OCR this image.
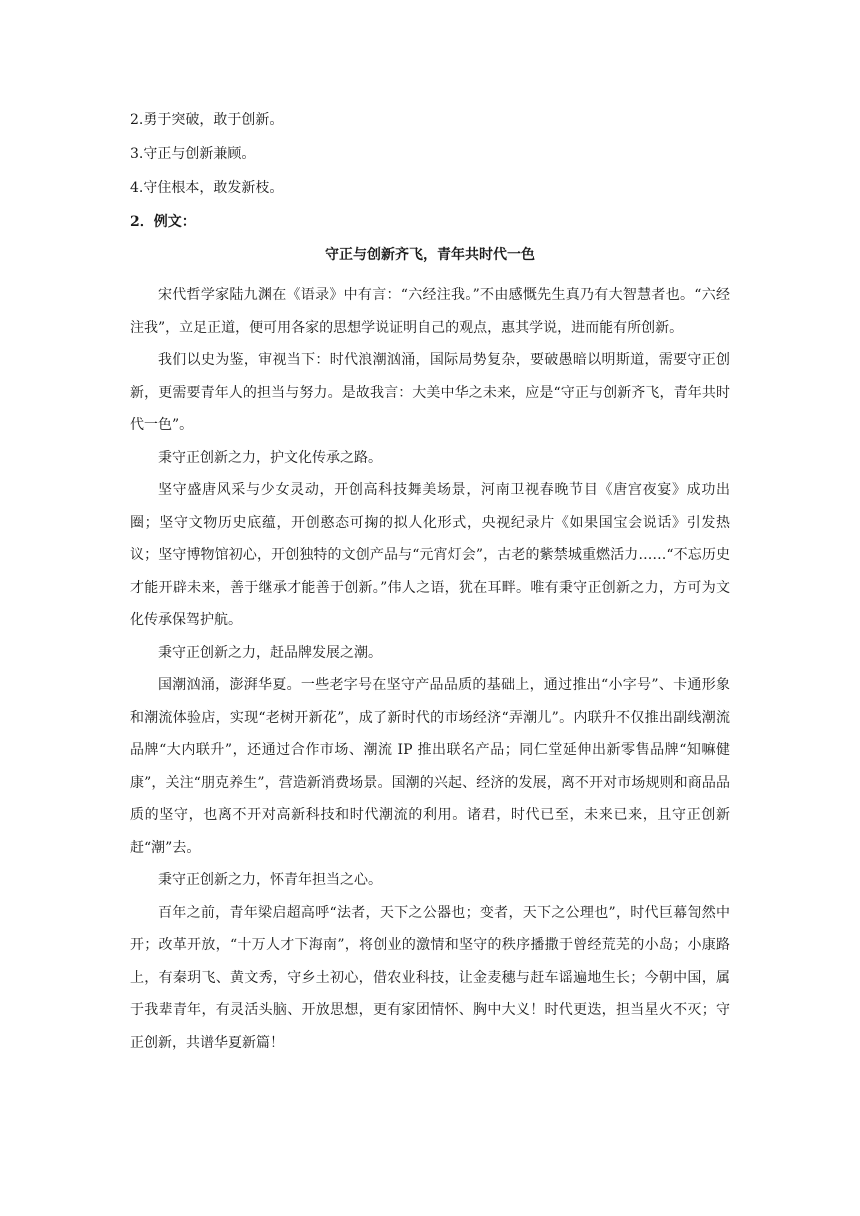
2.勇于突破，敢于创新。

3.守正与创新兼顾。

4.守住根本，敢发新枝。

2．例文：

守正与创新齐飞，青年共时代一色

宋代哲学家陆九渊在《语录》中有言：“六经注我。”不由感慨先生真乃有大智慧者也。“六经注我”，立足正道，便可用各家的思想学说证明自己的观点，惠其学说，进而能有所创新。

我们以史为鉴，审视当下：时代浪潮汹涌，国际局势复杂，要破愚暗以明斯道，需要守正创新，更需要青年人的担当与努力。是故我言：大美中华之未来，应是“守正与创新齐飞，青年共时代一色”。

秉守正创新之力，护文化传承之路。

坚守盛唐风采与少女灵动，开创高科技舞美场景，河南卫视春晚节目《唐宫夜宴》成功出圈；坚守文物历史底蕴，开创憨态可掬的拟人化形式，央视纪录片《如果国宝会说话》引发热议；坚守博物馆初心，开创独特的文创产品与“元宵灯会”，古老的紫禁城重燃活力……“不忘历史才能开辟未来，善于继承才能善于创新。”伟人之语，犹在耳畔。唯有秉守正创新之力，方可为文化传承保驾护航。

秉守正创新之力，赶品牌发展之潮。

国潮汹涌，澎湃华夏。一些老字号在坚守产品品质的基础上，通过推出“小字号”、卡通形象和潮流体验店，实现“老树开新花”，成了新时代的市场经济“弄潮儿”。内联升不仅推出副线潮流品牌“大内联升”，还通过合作市场、潮流 IP 推出联名产品；同仁堂延伸出新零售品牌“知嘛健康”，关注“朋克养生”，营造新消费场景。国潮的兴起、经济的发展，离不开对市场规则和商品品质的坚守，也离不开对高新科技和时代潮流的利用。诸君，时代已至，未来已来，且守正创新赶“潮”去。

秉守正创新之力，怀青年担当之心。

百年之前，青年梁启超高呼“法者，天下之公器也；变者，天下之公理也”，时代巨幕訇然中开；改革开放，“十万人才下海南”，将创业的激情和坚守的秩序播撒于曾经荒芜的小岛；小康路上，有秦玥飞、黄文秀，守乡土初心，借农业科技，让金麦穗与赶车谣遍地生长；今朝中国，属于我辈青年，有灵活头脑、开放思想，更有家团情怀、胸中大义！时代更迭，担当星火不灭；守正创新，共谱华夏新篇！
